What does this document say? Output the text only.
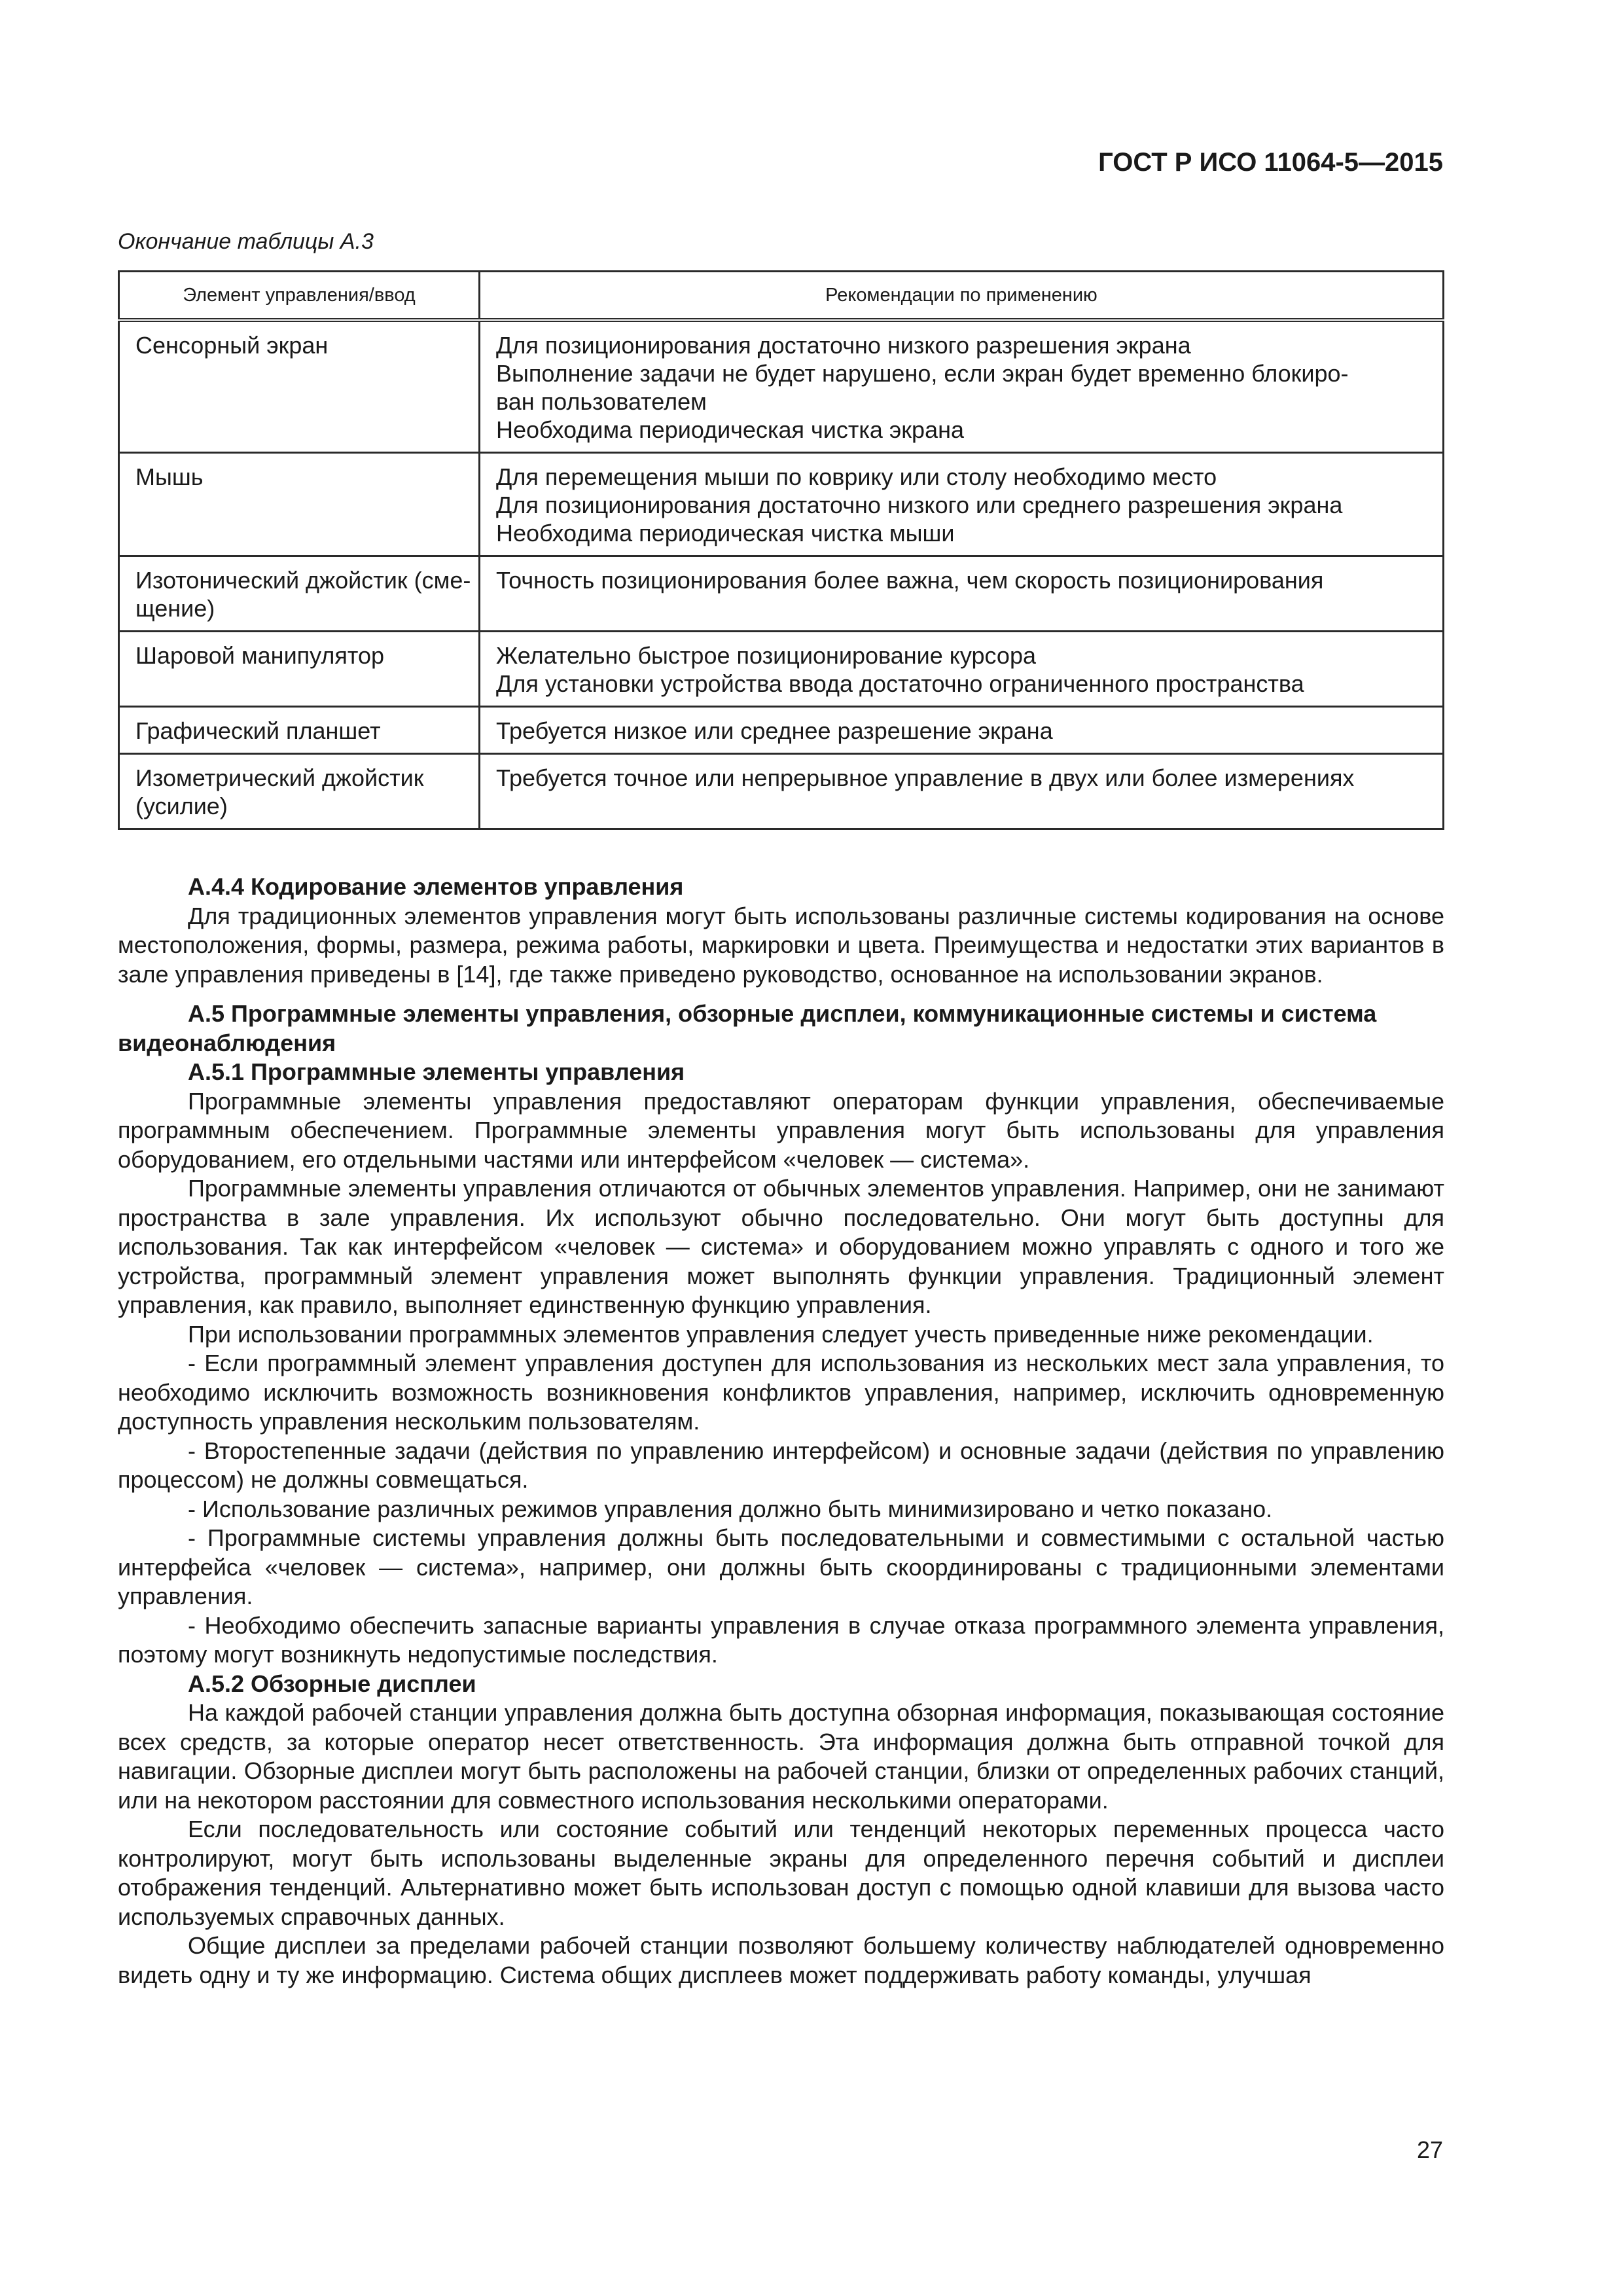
ГОСТ Р ИСО 11064-5—2015
Окончание таблицы А.3
Элемент управления/ввод	Рекомендации по применению

Сенсорный экран	Для позиционирования достаточно низкого разрешения экрана
Выполнение задачи не будет нарушено, если экран будет временно блокиро-
ван пользователем
Необходима периодическая чистка экрана

Мышь	Для перемещения мыши по коврику или столу необходимо место
Для позиционирования достаточно низкого или среднего разрешения экрана
Необходима периодическая чистка мыши

Изотонический джойстик (сме-
щение)	Точность позиционирования более важна, чем скорость позиционирования

Шаровой манипулятор	Желательно быстрое позиционирование курсора
Для установки устройства ввода достаточно ограниченного пространства

Графический планшет	Требуется низкое или среднее разрешение экрана

Изометрический джойстик
(усилие)	Требуется точное или непрерывное управление в двух или более измерениях
А.4.4 Кодирование элементов управления

Для традиционных элементов управления могут быть использованы различные системы кодирования на основе местоположения, формы, размера, режима работы, маркировки и цвета. Преимущества и недостатки этих вариантов в зале управления приведены в [14], где также приведено руководство, основанное на использовании экранов.

А.5 Программные элементы управления, обзорные дисплеи, коммуникационные системы и система видеонаблюдения
А.5.1 Программные элементы управления

Программные элементы управления предоставляют операторам функции управления, обеспечиваемые программным обеспечением. Программные элементы управления могут быть использованы для управления оборудованием, его отдельными частями или интерфейсом «человек — система».

Программные элементы управления отличаются от обычных элементов управления. Например, они не занимают пространства в зале управления. Их используют обычно последовательно. Они могут быть доступны для использования. Так как интерфейсом «человек — система» и оборудованием можно управлять с одного и того же устройства, программный элемент управления может выполнять функции управления. Традиционный элемент управления, как правило, выполняет единственную функцию управления.

При использовании программных элементов управления следует учесть приведенные ниже рекомендации.

- Если программный элемент управления доступен для использования из нескольких мест зала управления, то необходимо исключить возможность возникновения конфликтов управления, например, исключить одновременную доступность управления нескольким пользователям.

- Второстепенные задачи (действия по управлению интерфейсом) и основные задачи (действия по управлению процессом) не должны совмещаться.

- Использование различных режимов управления должно быть минимизировано и четко показано.

- Программные системы управления должны быть последовательными и совместимыми с остальной частью интерфейса «человек — система», например, они должны быть скоординированы с традиционными элементами управления.

- Необходимо обеспечить запасные варианты управления в случае отказа программного элемента управления, поэтому могут возникнуть недопустимые последствия.

А.5.2 Обзорные дисплеи

На каждой рабочей станции управления должна быть доступна обзорная информация, показывающая состояние всех средств, за которые оператор несет ответственность. Эта информация должна быть отправной точкой для навигации. Обзорные дисплеи могут быть расположены на рабочей станции, близки от определенных рабочих станций, или на некотором расстоянии для совместного использования несколькими операторами.

Если последовательность или состояние событий или тенденций некоторых переменных процесса часто контролируют, могут быть использованы выделенные экраны для определенного перечня событий и дисплеи отображения тенденций. Альтернативно может быть использован доступ с помощью одной клавиши для вызова часто используемых справочных данных.

Общие дисплеи за пределами рабочей станции позволяют большему количеству наблюдателей одновременно видеть одну и ту же информацию. Система общих дисплеев может поддерживать работу команды, улучшая

27
